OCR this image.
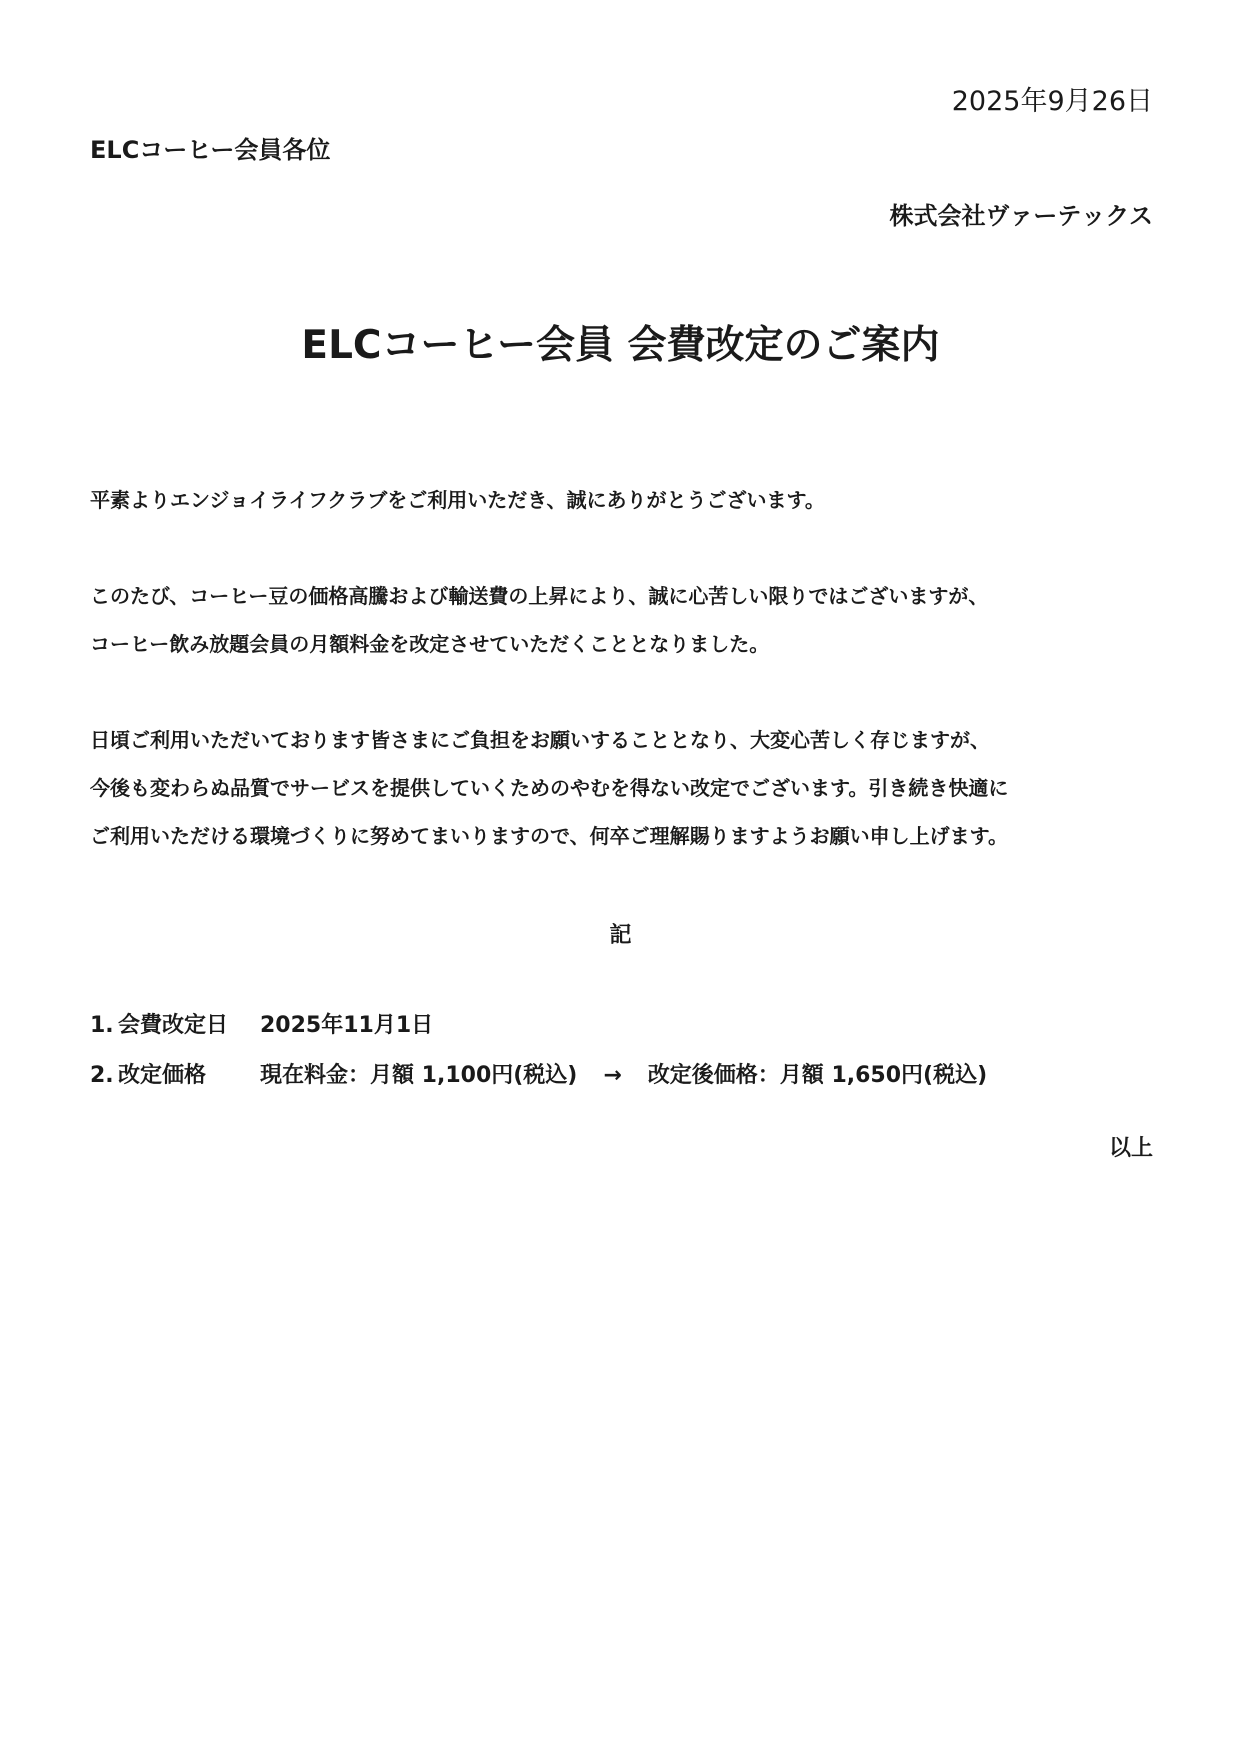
2025年9月26日
ELCコーヒー会員各位
株式会社ヴァーテックス
ELCコーヒー会員 会費改定のご案内
平素よりエンジョイライフクラブをご利用いただき、誠にありがとうございます。
このたび、コーヒー豆の価格高騰および輸送費の上昇により、誠に心苦しい限りではございますが、
コーヒー飲み放題会員の月額料金を改定させていただくこととなりました。
日頃ご利用いただいております皆さまにご負担をお願いすることとなり、大変心苦しく存じますが、
今後も変わらぬ品質でサービスを提供していくためのやむを得ない改定でございます。引き続き快適に
ご利用いただける環境づくりに努めてまいりますので、何卒ご理解賜りますようお願い申し上げます。
記
1. 会費改定日 2025年11月1日
2. 改定価格 現在料金：月額 1,100円(税込) → 改定後価格：月額 1,650円(税込)
以上
